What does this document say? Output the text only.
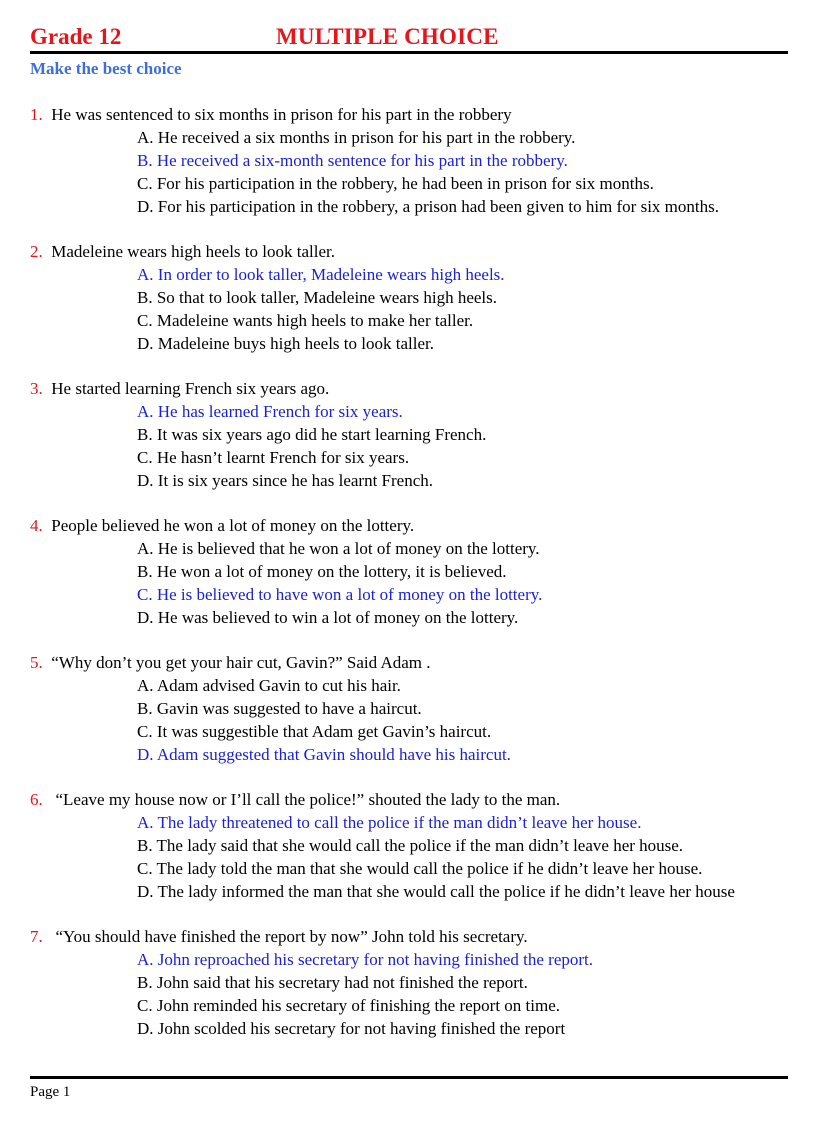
Grade 12	MULTIPLE CHOICE
Make the best choice
1. He was sentenced to six months in prison for his part in the robbery
A. He received a six months in prison for his part in the robbery.
B. He received a six-month sentence for his part in the robbery.
C. For his participation in the robbery, he had been in prison for six months.
D. For his participation in the robbery, a prison had been given to him for six months.
2. Madeleine wears high heels to look taller.
A. In order to look taller, Madeleine wears high heels.
B. So that to look taller, Madeleine wears high heels.
C. Madeleine wants high heels to make her taller.
D. Madeleine buys high heels to look taller.
3. He started learning French six years ago.
A. He has learned French for six years.
B. It was six years ago did he start learning French.
C. He hasn’t learnt French for six years.
D. It is six years since he has learnt French.
4. People believed he won a lot of money on the lottery.
A. He is believed that he won a lot of money on the lottery.
B. He won a lot of money on the lottery, it is believed.
C. He is believed to have won a lot of money on the lottery.
D. He was believed to win a lot of money on the lottery.
5. “Why don’t you get your hair cut, Gavin?” Said Adam .
A. Adam advised Gavin to cut his hair.
B. Gavin was suggested to have a haircut.
C. It was suggestible that Adam get Gavin’s haircut.
D. Adam suggested that Gavin should have his haircut.
6. “Leave my house now or I’ll call the police!” shouted the lady to the man.
A. The lady threatened to call the police if the man didn’t leave her house.
B. The lady said that she would call the police if the man didn’t leave her house.
C. The lady told the man that she would call the police if he didn’t leave her house.
D. The lady informed the man that she would call the police if he didn’t leave her house
7. “You should have finished the report by now” John told his secretary.
A. John reproached his secretary for not having finished the report.
B. John said that his secretary had not finished the report.
C. John reminded his secretary of finishing the report on time.
D. John scolded his secretary for not having finished the report
Page 1
